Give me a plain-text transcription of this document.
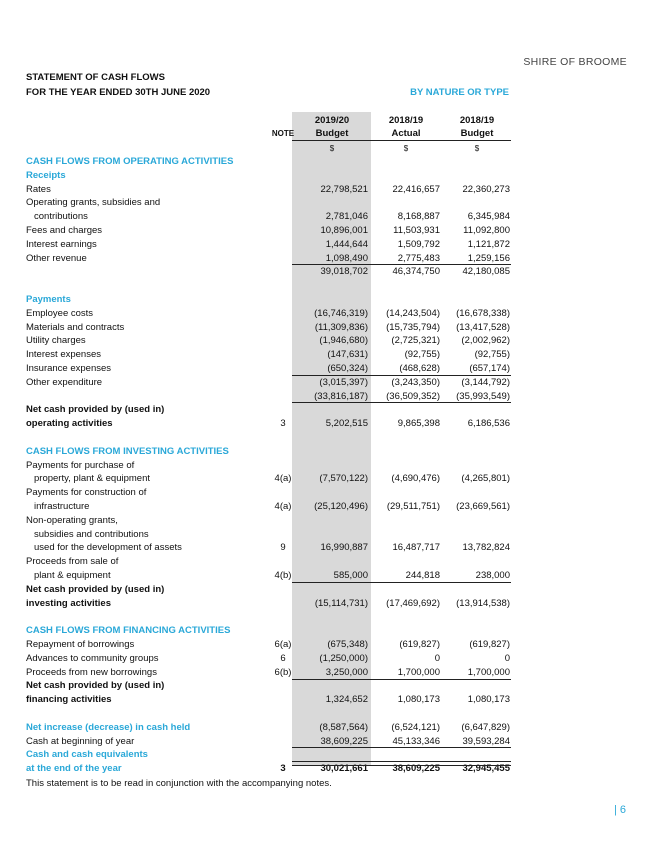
SHIRE OF BROOME
STATEMENT OF CASH FLOWS
FOR THE YEAR ENDED 30TH JUNE 2020	BY NATURE OR TYPE
2019/20	2018/19	2018/19
NOTE	Budget	Actual	Budget
$	$	$
CASH FLOWS FROM OPERATING ACTIVITIES
Receipts
Rates	22,798,521	22,416,657	22,360,273
Operating grants, subsidies and
contributions	2,781,046	8,168,887	6,345,984
Fees and charges	10,896,001	11,503,931	11,092,800
Interest earnings	1,444,644	1,509,792	1,121,872
Other revenue	1,098,490	2,775,483	1,259,156
39,018,702	46,374,750	42,180,085
Payments
Employee costs	(16,746,319)	(14,243,504)	(16,678,338)
Materials and contracts	(11,309,836)	(15,735,794)	(13,417,528)
Utility charges	(1,946,680)	(2,725,321)	(2,002,962)
Interest expenses	(147,631)	(92,755)	(92,755)
Insurance expenses	(650,324)	(468,628)	(657,174)
Other expenditure	(3,015,397)	(3,243,350)	(3,144,792)
(33,816,187)	(36,509,352)	(35,993,549)
Net cash provided by (used in)
operating activities	3	5,202,515	9,865,398	6,186,536
CASH FLOWS FROM INVESTING ACTIVITIES
Payments for purchase of
property, plant & equipment	4(a)	(7,570,122)	(4,690,476)	(4,265,801)
Payments for construction of
infrastructure	4(a)	(25,120,496)	(29,511,751)	(23,669,561)
Non-operating grants,
subsidies and contributions
used for the development of assets	9	16,990,887	16,487,717	13,782,824
Proceeds from sale of
plant & equipment	4(b)	585,000	244,818	238,000
Net cash provided by (used in)
investing activities	(15,114,731)	(17,469,692)	(13,914,538)
CASH FLOWS FROM FINANCING ACTIVITIES
Repayment of borrowings	6(a)	(675,348)	(619,827)	(619,827)
Advances to community groups	6	(1,250,000)	0	0
Proceeds from new borrowings	6(b)	3,250,000	1,700,000	1,700,000
Net cash provided by (used in)
financing activities	1,324,652	1,080,173	1,080,173
Net increase (decrease) in cash held	(8,587,564)	(6,524,121)	(6,647,829)
Cash at beginning of year	38,609,225	45,133,346	39,593,284
Cash and cash equivalents
at the end of the year	3	30,021,661	38,609,225	32,945,455
This statement is to be read in conjunction with the accompanying notes.
| 6
